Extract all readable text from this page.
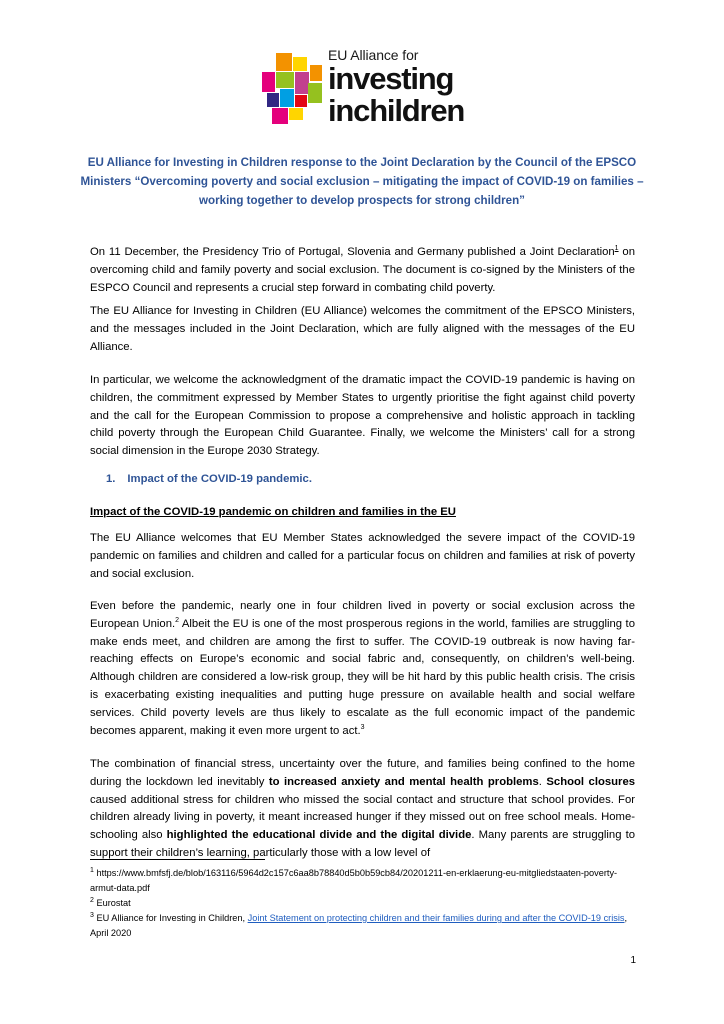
EU Alliance for
investing
inchildren
EU Alliance for Investing in Children response to the Joint Declaration by the Council of the EPSCO Ministers “Overcoming poverty and social exclusion – mitigating the impact of COVID-19 on families – working together to develop prospects for strong children”
On 11 December, the Presidency Trio of Portugal, Slovenia and Germany published a Joint Declaration$^1$ on overcoming child and family poverty and social exclusion. The document is co-signed by the Ministers of the ESPCO Council and represents a crucial step forward in combating child poverty.
The EU Alliance for Investing in Children (EU Alliance) welcomes the commitment of the EPSCO Ministers, and the messages included in the Joint Declaration, which are fully aligned with the messages of the EU Alliance.
In particular, we welcome the acknowledgment of the dramatic impact the COVID-19 pandemic is having on children, the commitment expressed by Member States to urgently prioritise the fight against child poverty and the call for the European Commission to propose a comprehensive and holistic approach in tackling child poverty through the European Child Guarantee. Finally, we welcome the Ministers’ call for a strong social dimension in the Europe 2030 Strategy.
1. Impact of the COVID-19 pandemic.
Impact of the COVID-19 pandemic on children and families in the EU
The EU Alliance welcomes that EU Member States acknowledged the severe impact of the COVID-19 pandemic on families and children and called for a particular focus on children and families at risk of poverty and social exclusion.
Even before the pandemic, nearly one in four children lived in poverty or social exclusion across the European Union.$^2$ Albeit the EU is one of the most prosperous regions in the world, families are struggling to make ends meet, and children are among the first to suffer. The COVID-19 outbreak is now having far-reaching effects on Europe’s economic and social fabric and, consequently, on children’s well-being. Although children are considered a low-risk group, they will be hit hard by this public health crisis. The crisis is exacerbating existing inequalities and putting huge pressure on available health and social welfare services. Child poverty levels are thus likely to escalate as the full economic impact of the pandemic becomes apparent, making it even more urgent to act.$^3$
The combination of financial stress, uncertainty over the future, and families being confined to the home during the lockdown led inevitably to increased anxiety and mental health problems. School closures caused additional stress for children who missed the social contact and structure that school provides. For children already living in poverty, it meant increased hunger if they missed out on free school meals. Home-schooling also highlighted the educational divide and the digital divide. Many parents are struggling to support their children’s learning, particularly those with a low level of
$^1$ https://www.bmfsfj.de/blob/163116/5964d2c157c6aa8b78840d5b0b59cb84/20201211-en-erklaerung-eu-mitgliedstaaten-poverty-armut-data.pdf
$^2$ Eurostat
$^3$ EU Alliance for Investing in Children, Joint Statement on protecting children and their families during and after the COVID-19 crisis, April 2020
1
